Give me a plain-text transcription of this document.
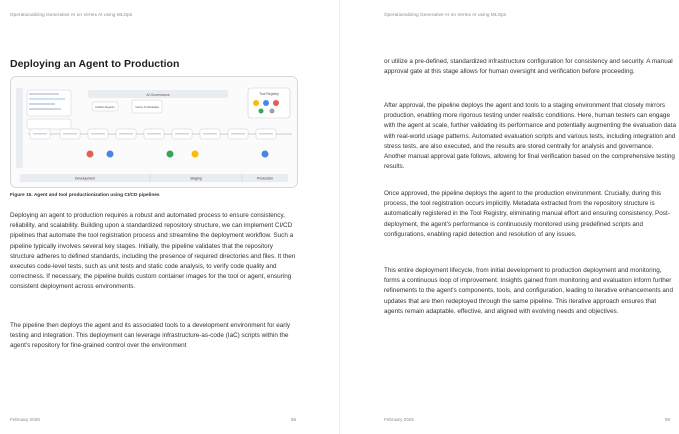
Operationalizing Generative AI on Vertex AI using MLOps
Deploying an Agent to Production
AI Governance	Tool Registry
Artifact Registry	Vertex AI Metadata
Development	Staging	Production
Figure 15. Agent and tool productionization using CI/CD pipelines

Deploying an agent to production requires a robust and automated process to ensure consistency, reliability, and scalability. Building upon a standardized repository structure, we can implement CI/CD pipelines that automate the tool registration process and streamline the deployment workflow. Such a pipeline typically involves several key stages. Initially, the pipeline validates that the repository structure adheres to defined standards, including the presence of required directories and files. It then executes code-level tests, such as unit tests and static code analysis, to verify code quality and correctness. If necessary, the pipeline builds custom container images for the tool or agent, ensuring consistent deployment across environments.

The pipeline then deploys the agent and its associated tools to a development environment for early testing and integration. This deployment can leverage infrastructure-as-code (IaC) scripts within the agent's repository for fine-grained control over the environment

February 2025	58
Operationalizing Generative AI on Vertex AI using MLOps

or utilize a pre-defined, standardized infrastructure configuration for consistency and security. A manual approval gate at this stage allows for human oversight and verification before proceeding.

After approval, the pipeline deploys the agent and tools to a staging environment that closely mirrors production, enabling more rigorous testing under realistic conditions. Here, human testers can engage with the agent at scale, further validating its performance and potentially augmenting the evaluation data with real-world usage patterns. Automated evaluation scripts and various tests, including integration and stress tests, are also executed, and the results are stored centrally for analysis and governance. Another manual approval gate follows, allowing for final verification based on the comprehensive testing results.

Once approved, the pipeline deploys the agent to the production environment. Crucially, during this process, the tool registration occurs implicitly. Metadata extracted from the repository structure is automatically registered in the Tool Registry, eliminating manual effort and ensuring consistency. Post-deployment, the agent's performance is continuously monitored using predefined scripts and configurations, enabling rapid detection and resolution of any issues.

This entire deployment lifecycle, from initial development to production deployment and monitoring, forms a continuous loop of improvement. Insights gained from monitoring and evaluation inform further refinements to the agent's components, tools, and configuration, leading to iterative enhancements and updates that are then redeployed through the same pipeline. This iterative approach ensures that agents remain adaptable, effective, and aligned with evolving needs and objectives.

February 2025	59
